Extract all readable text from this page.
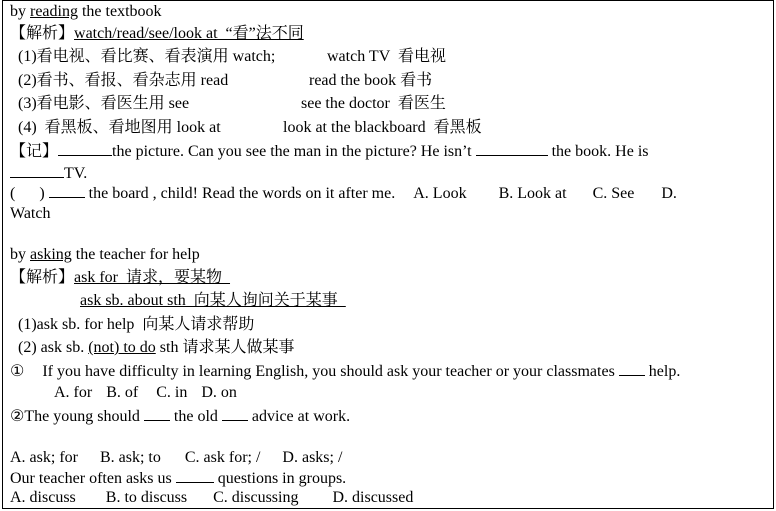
by reading the textbook
【解析】watch/read/see/look at  “看”法不同
(1)看电视、看比赛、看表演用 watch;	watch TV  看电视
(2)看书、看报、看杂志用 read	read the book 看书
(3)看电影、看医生用 see	see the doctor  看医生
(4)  看黑板、看地图用 look at	look at the blackboard  看黑板
【记】	the picture. Can you see the man in the picture? He isn’t	the book. He is
TV.
(      )	the board , child! Read the words on it after me. A. Look B. Look at C. See D.
Watch
by asking the teacher for help
【解析】ask for  请求，要某物
ask sb. about sth  向某人询问关于某事
(1)ask sb. for help  向某人请求帮助
(2) ask sb. (not) to do sth 请求某人做某事
① If you have difficulty in learning English, you should ask your teacher or your classmates help.
A. for B. of C. in D. on
②The young should the old advice at work.
A. ask; for B. ask; to C. ask for; / D. asks; /
Our teacher often asks us	questions in groups.
A. discuss B. to discuss C. discussing D. discussed
